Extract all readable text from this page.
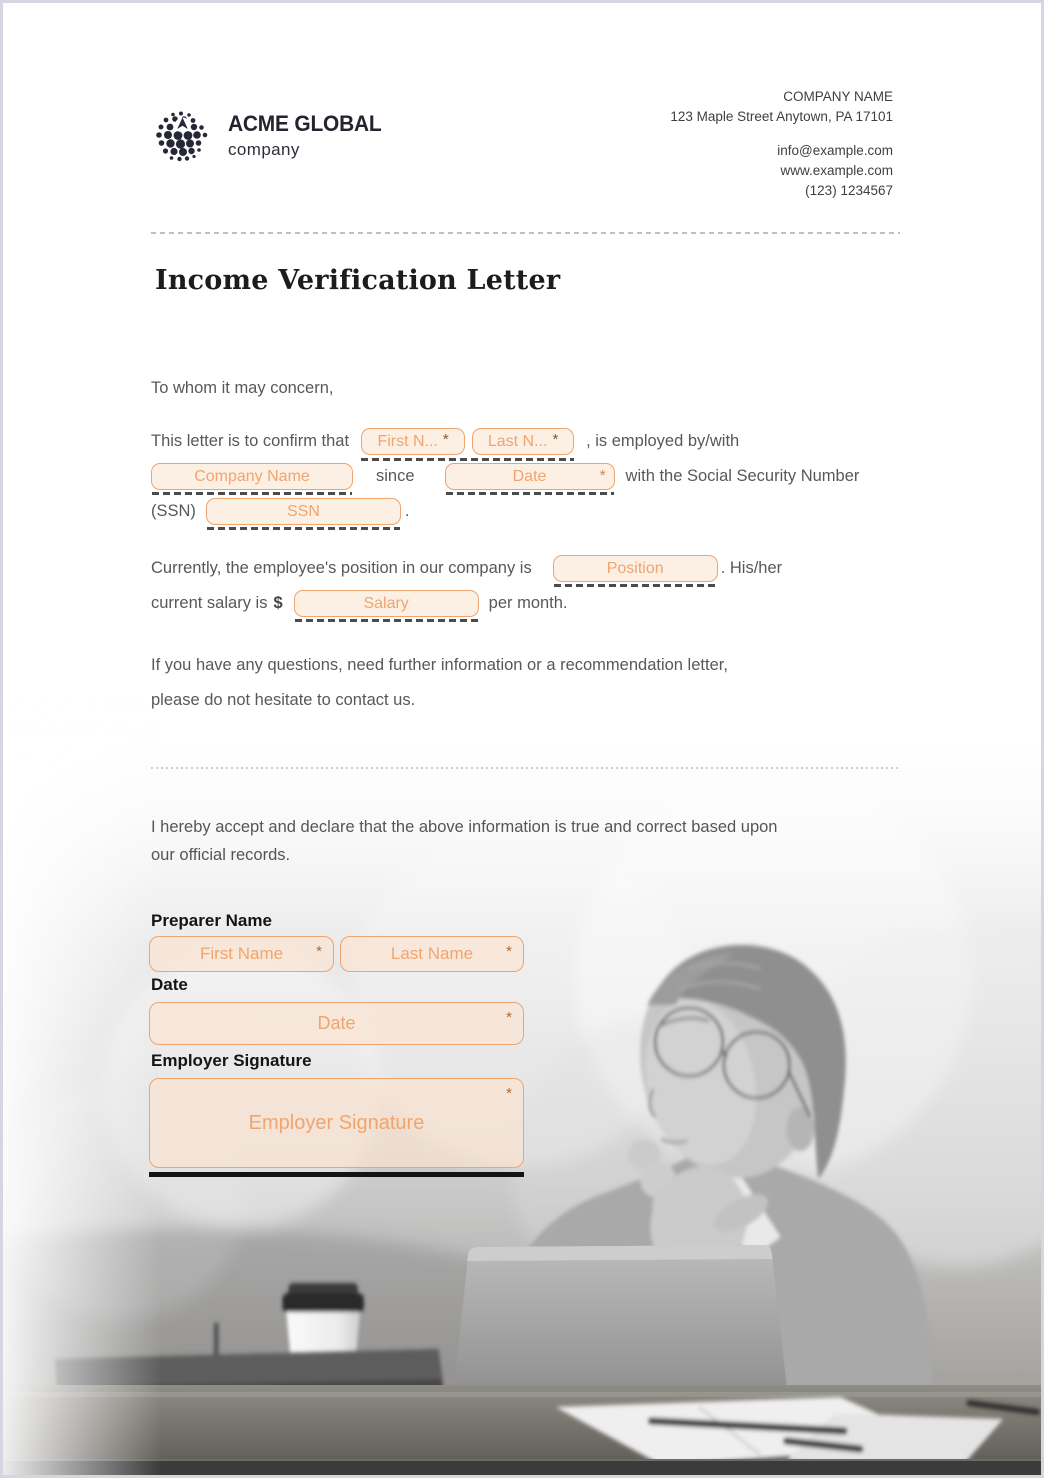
ACME GLOBAL
company
COMPANY NAME
123 Maple Street Anytown, PA 17101
info@example.com
www.example.com
(123) 1234567
Income Verification Letter
To whom it may concern,
This letter is to confirm that First N... * Last N... * , is employed by/with
Company Name	since	Date	* with the Social Security Number
(SSN)	SSN	.
Currently, the employee's position in our company is	Position	. His/her
current salary is $	Salary	per month.
If you have any questions, need further information or a recommendation letter,
please do not hesitate to contact us.
I hereby accept and declare that the above information is true and correct based upon
our official records.
Preparer Name
First Name	*	Last Name	*
Date
Date	*
Employer Signature
Employer Signature
*
